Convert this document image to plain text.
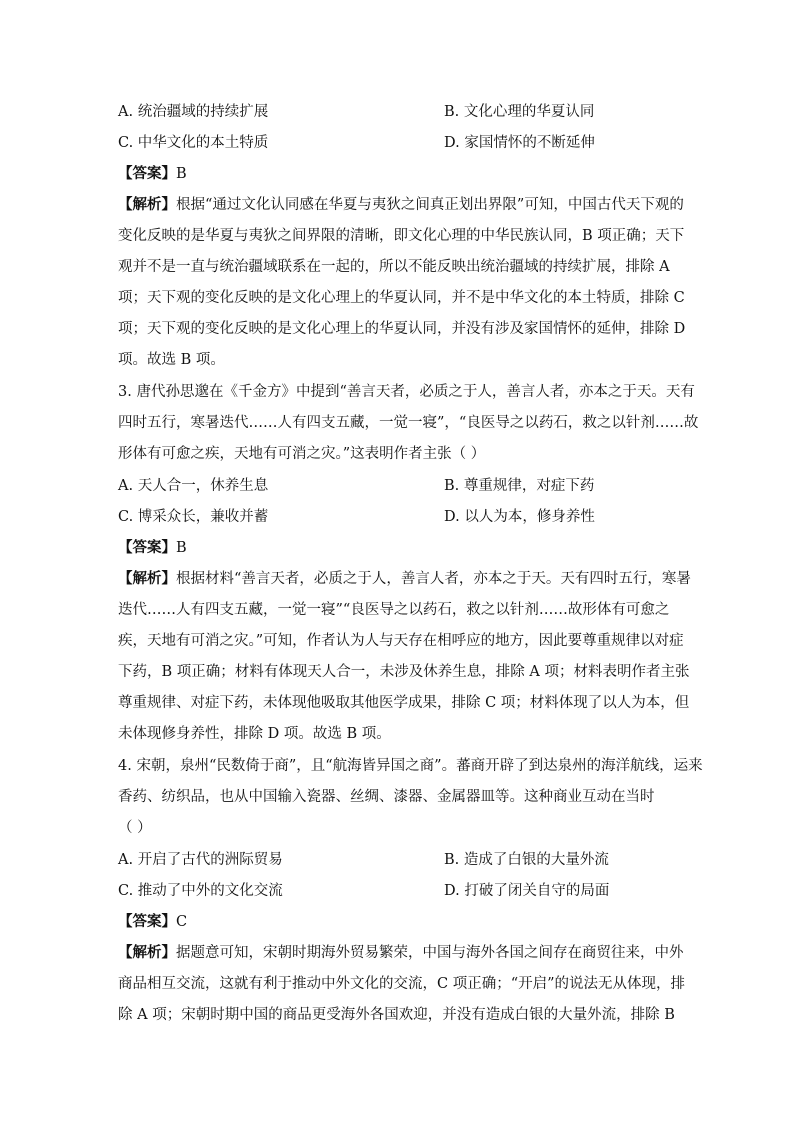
A. 统治疆域的持续扩展	B. 文化心理的华夏认同
C. 中华文化的本土特质	D. 家国情怀的不断延伸
【答案】B
【解析】根据“通过文化认同感在华夏与夷狄之间真正划出界限”可知，中国古代天下观的
变化反映的是华夏与夷狄之间界限的清晰，即文化心理的中华民族认同，B 项正确；天下
观并不是一直与统治疆域联系在一起的，所以不能反映出统治疆域的持续扩展，排除 A
项；天下观的变化反映的是文化心理上的华夏认同，并不是中华文化的本土特质，排除 C
项；天下观的变化反映的是文化心理上的华夏认同，并没有涉及家国情怀的延伸，排除 D
项。故选 B 项。
3. 唐代孙思邈在《千金方》中提到“善言天者，必质之于人，善言人者，亦本之于天。天有
四时五行，寒暑迭代……人有四支五藏，一觉一寝”，“良医导之以药石，救之以针剂……故
形体有可愈之疾，天地有可消之灾。”这表明作者主张（ ）
A. 天人合一，休养生息	B. 尊重规律，对症下药
C. 博采众长，兼收并蓄	D. 以人为本，修身养性
【答案】B
【解析】根据材料“善言天者，必质之于人，善言人者，亦本之于天。天有四时五行，寒暑
迭代……人有四支五藏，一觉一寝”“良医导之以药石，救之以针剂……故形体有可愈之
疾，天地有可消之灾。”可知，作者认为人与天存在相呼应的地方，因此要尊重规律以对症
下药，B 项正确；材料有体现天人合一，未涉及休养生息，排除 A 项；材料表明作者主张
尊重规律、对症下药，未体现他吸取其他医学成果，排除 C 项；材料体现了以人为本，但
未体现修身养性，排除 D 项。故选 B 项。
4. 宋朝，泉州“民数倚于商”，且“航海皆异国之商”。蕃商开辟了到达泉州的海洋航线，运来
香药、纺织品，也从中国输入瓷器、丝绸、漆器、金属器皿等。这种商业互动在当时
（ ）
A. 开启了古代的洲际贸易	B. 造成了白银的大量外流
C. 推动了中外的文化交流	D. 打破了闭关自守的局面
【答案】C
【解析】据题意可知，宋朝时期海外贸易繁荣，中国与海外各国之间存在商贸往来，中外
商品相互交流，这就有利于推动中外文化的交流，C 项正确；“开启”的说法无从体现，排
除 A 项；宋朝时期中国的商品更受海外各国欢迎，并没有造成白银的大量外流，排除 B
